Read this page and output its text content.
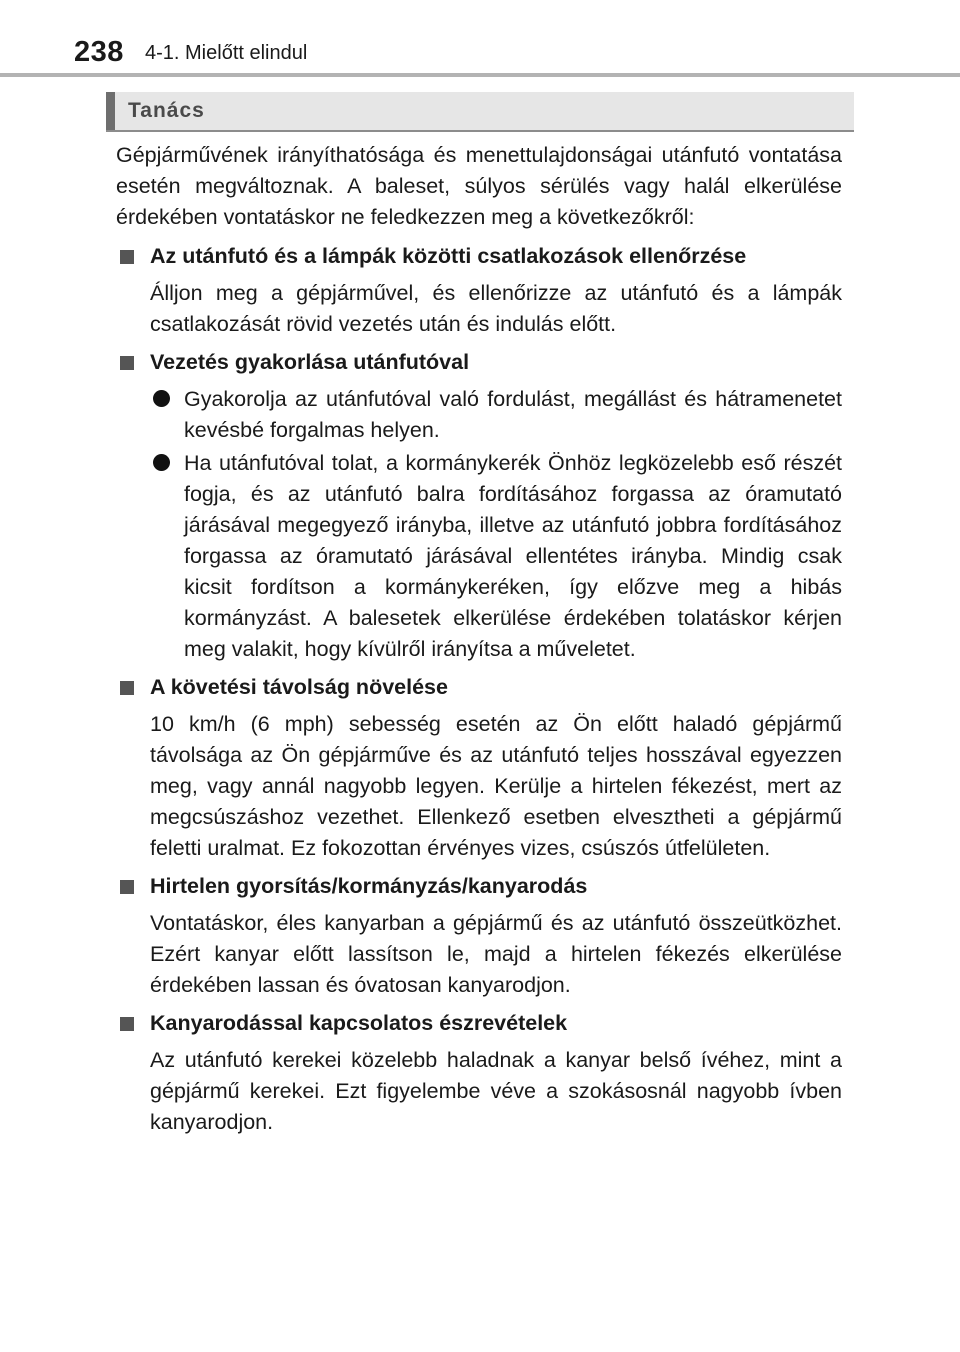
238 4-1. Mielőtt elindul
Tanács

Gépjárművének irányíthatósága és menettulajdonságai utánfutó vontatása esetén megváltoznak. A baleset, súlyos sérülés vagy halál elkerülése érdekében vontatáskor ne feledkezzen meg a következőkről:

Az utánfutó és a lámpák közötti csatlakozások ellenőrzése

Álljon meg a gépjárművel, és ellenőrizze az utánfutó és a lámpák csatlakozását rövid vezetés után és indulás előtt.

Vezetés gyakorlása utánfutóval
Gyakorolja az utánfutóval való fordulást, megállást és hátramenetet kevésbé forgalmas helyen.
Ha utánfutóval tolat, a kormánykerék Önhöz legközelebb eső részét fogja, és az utánfutó balra fordításához forgassa az óramutató járásával megegyező irányba, illetve az utánfutó jobbra fordításához forgassa az óramutató járásával ellentétes irányba. Mindig csak kicsit fordítson a kormánykeréken, így előzve meg a hibás kormányzást. A balesetek elkerülése érdekében tolatáskor kérjen meg valakit, hogy kívülről irányítsa a műveletet.
A követési távolság növelése

10 km/h (6 mph) sebesség esetén az Ön előtt haladó gépjármű távolsága az Ön gépjárműve és az utánfutó teljes hosszával egyezzen meg, vagy annál nagyobb legyen. Kerülje a hirtelen fékezést, mert az megcsúszáshoz vezethet. Ellenkező esetben elvesztheti a gépjármű feletti uralmat. Ez fokozottan érvényes vizes, csúszós útfelületen.

Hirtelen gyorsítás/kormányzás/kanyarodás

Vontatáskor, éles kanyarban a gépjármű és az utánfutó összeütközhet. Ezért kanyar előtt lassítson le, majd a hirtelen fékezés elkerülése érdekében lassan és óvatosan kanyarodjon.

Kanyarodással kapcsolatos észrevételek

Az utánfutó kerekei közelebb haladnak a kanyar belső ívéhez, mint a gépjármű kerekei. Ezt figyelembe véve a szokásosnál nagyobb ívben kanyarodjon.
